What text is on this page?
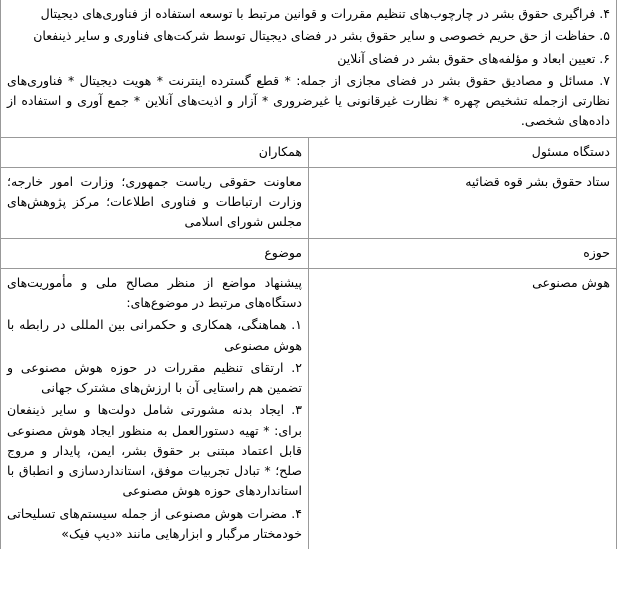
۴. فراگیری حقوق بشر در چارچوب‌های تنظیم مقررات و قوانین مرتبط با توسعه استفاده از فناوری‌های دیجیتال

۵. حفاظت از حق حریم خصوصی و سایر حقوق بشر در فضای دیجیتال توسط شرکت‌های فناوری و سایر ذینفعان

۶. تعیین ابعاد و مؤلفه‌های حقوق بشر در فضای آنلاین

۷. مسائل و مصادیق حقوق بشر در فضای مجازی از جمله: * قطع گسترده اینترنت * هویت دیجیتال * فناوری‌های نظارتی ازجمله تشخیص چهره * نظارت غیرقانونی یا غیرضروری * آزار و اذیت‌های آنلاین * جمع آوری و استفاده از داده‌های شخصی.	

دستگاه مسئول	همکاران
ستاد حقوق بشر قوه قضائیه	معاونت حقوقی ریاست جمهوری؛ وزارت امور خارجه؛ وزارت ارتباطات و فناوری اطلاعات؛ مرکز پژوهش‌های مجلس شورای اسلامی
حوزه	موضوع
هوش مصنوعی	پیشنهاد مواضع از منظر مصالح ملی و مأموریت‌های دستگاه‌های مرتبط در موضوع‌های:

۱. هماهنگی، همکاری و حکمرانی بین المللی در رابطه با هوش مصنوعی

۲. ارتقای تنظیم مقررات در حوزه هوش مصنوعی و تضمین هم راستایی آن با ارزش‌های مشترک جهانی

۳. ایجاد بدنه مشورتی شامل دولت‌ها و سایر ذینفعان برای: * تهیه دستورالعمل به منظور ایجاد هوش مصنوعی قابل اعتماد مبتنی بر حقوق بشر، ایمن، پایدار و مروج صلح؛ * تبادل تجربیات موفق، استانداردسازی و انطباق با استانداردهای حوزه هوش مصنوعی

۴. مضرات هوش مصنوعی از جمله سیستم‌های تسلیحاتی خودمختار مرگبار و ابزارهایی مانند «دیپ فیک»
